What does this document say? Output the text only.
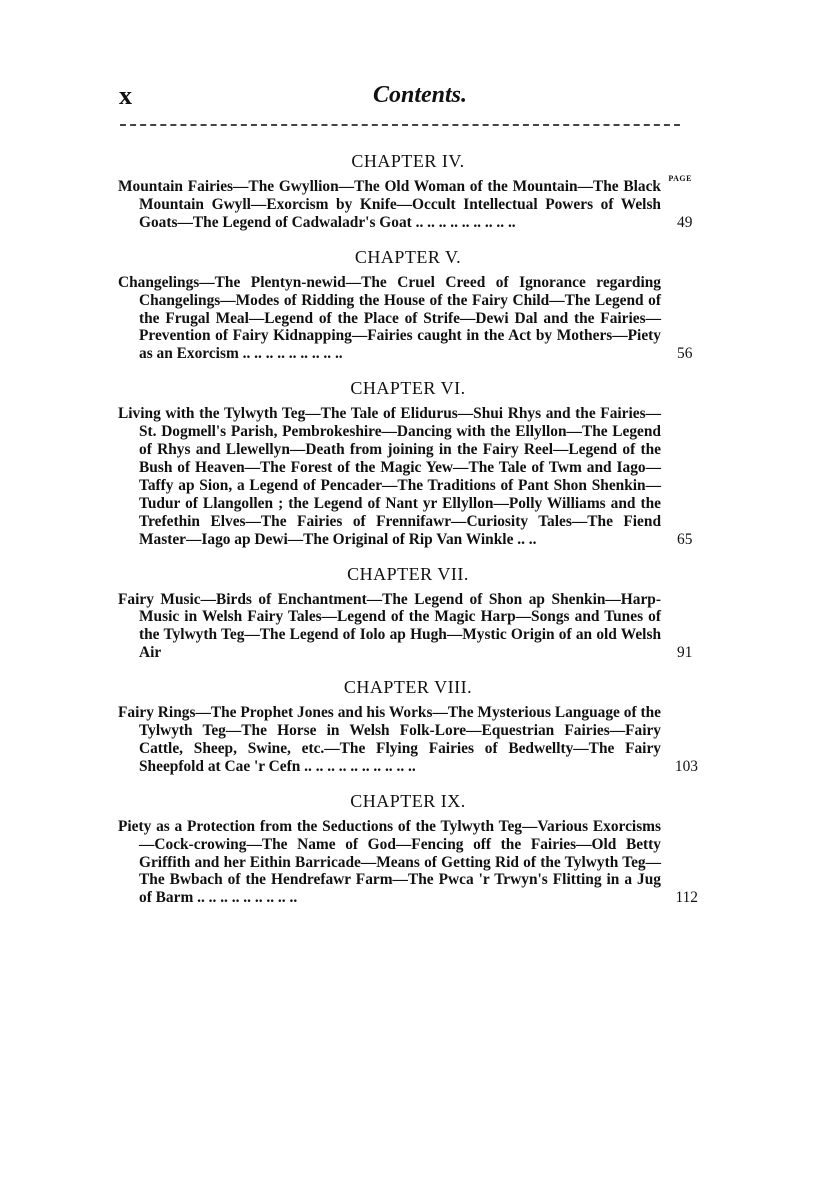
x	Contents.
CHAPTER IV.
PAGE
Mountain Fairies—The Gwyllion—The Old Woman of the Mountain—The Black Mountain Gwyll—Exorcism by Knife—Occult Intellectual Powers of Welsh Goats—The Legend of Cadwaladr's Goat .. .. .. .. .. .. .. .. ..	49
CHAPTER V.
Changelings—The Plentyn-newid—The Cruel Creed of Ignorance regarding Changelings—Modes of Ridding the House of the Fairy Child—The Legend of the Frugal Meal—Legend of the Place of Strife—Dewi Dal and the Fairies—Prevention of Fairy Kidnapping—Fairies caught in the Act by Mothers—Piety as an Exorcism .. .. .. .. .. .. .. .. ..	56
CHAPTER VI.
Living with the Tylwyth Teg—The Tale of Elidurus—Shui Rhys and the Fairies—St. Dogmell's Parish, Pembrokeshire—Dancing with the Ellyllon—The Legend of Rhys and Llewellyn—Death from joining in the Fairy Reel—Legend of the Bush of Heaven—The Forest of the Magic Yew—The Tale of Twm and Iago—Taffy ap Sion, a Legend of Pencader—The Traditions of Pant Shon Shenkin—Tudur of Llangollen ; the Legend of Nant yr Ellyllon—Polly Williams and the Trefethin Elves—The Fairies of Frennifawr—Curiosity Tales—The Fiend Master—Iago ap Dewi—The Original of Rip Van Winkle .. ..	65
CHAPTER VII.
Fairy Music—Birds of Enchantment—The Legend of Shon ap Shenkin—Harp-Music in Welsh Fairy Tales—Legend of the Magic Harp—Songs and Tunes of the Tylwyth Teg—The Legend of Iolo ap Hugh—Mystic Origin of an old Welsh Air	91
CHAPTER VIII.
Fairy Rings—The Prophet Jones and his Works—The Mysterious Language of the Tylwyth Teg—The Horse in Welsh Folk-Lore—Equestrian Fairies—Fairy Cattle, Sheep, Swine, etc.—The Flying Fairies of Bedwellty—The Fairy Sheepfold at Cae 'r Cefn .. .. .. .. .. .. .. .. .. ..	103
CHAPTER IX.
Piety as a Protection from the Seductions of the Tylwyth Teg—Various Exorcisms—Cock-crowing—The Name of God—Fencing off the Fairies—Old Betty Griffith and her Eithin Barricade—Means of Getting Rid of the Tylwyth Teg—The Bwbach of the Hendrefawr Farm—The Pwca 'r Trwyn's Flitting in a Jug of Barm .. .. .. .. .. .. .. .. ..	112
